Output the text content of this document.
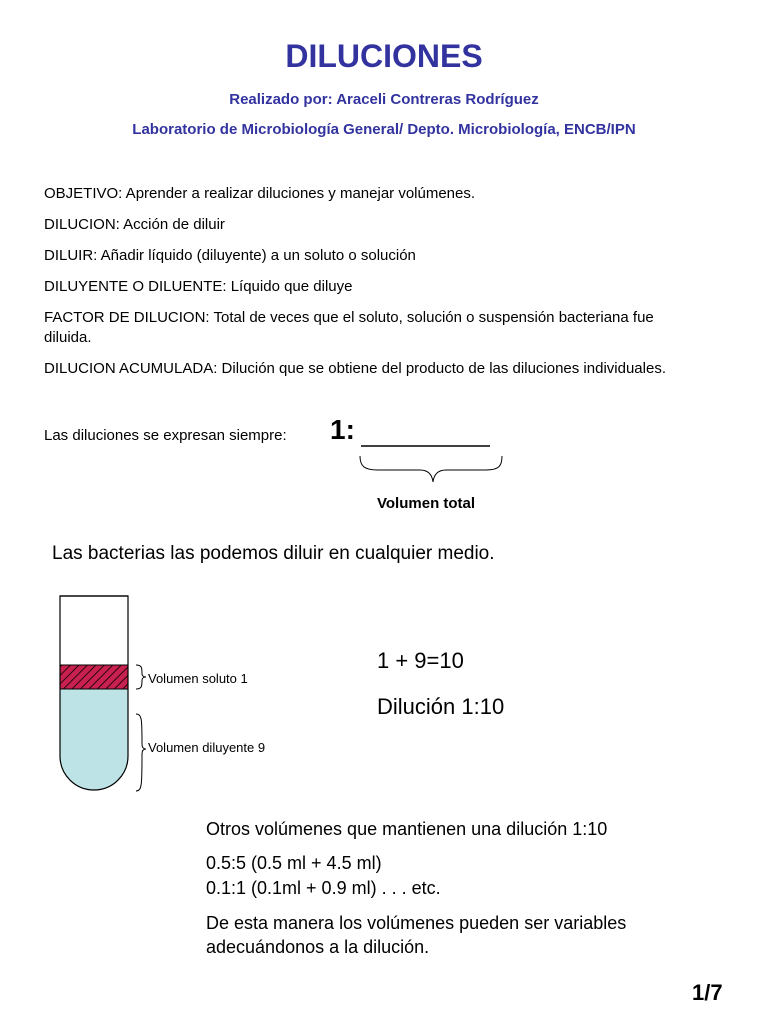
DILUCIONES
Realizado por: Araceli Contreras Rodríguez
Laboratorio de Microbiología General/ Depto. Microbiología, ENCB/IPN
OBJETIVO: Aprender a realizar diluciones y manejar volúmenes.
DILUCION: Acción de diluir
DILUIR: Añadir líquido (diluyente) a un soluto o solución
DILUYENTE O DILUENTE: Líquido que diluye
FACTOR DE DILUCION: Total de veces que el soluto, solución o suspensión bacteriana fue diluida.
DILUCION ACUMULADA: Dilución que se obtiene del producto de las diluciones individuales.
Las diluciones se expresan siempre: 1:
Volumen total
Las bacterias las podemos diluir en cualquier medio.
Volumen soluto 1
Volumen diluyente 9
1 + 9=10
Dilución 1:10
Otros volúmenes que mantienen una dilución 1:10
0.5:5 (0.5 ml + 4.5 ml)
0.1:1 (0.1ml + 0.9 ml) . . . etc.
De esta manera los volúmenes pueden ser variables
adecuándonos a la dilución.
1/7
